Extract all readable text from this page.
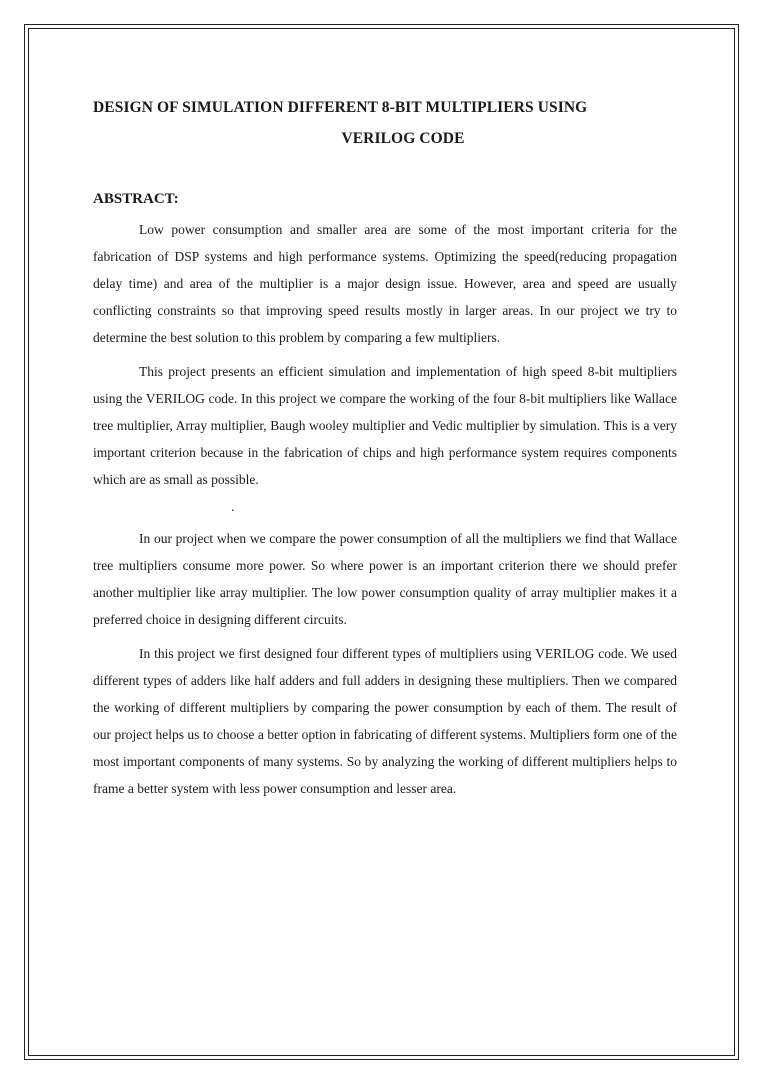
DESIGN OF SIMULATION DIFFERENT 8-BIT MULTIPLIERS USING
VERILOG CODE
ABSTRACT:

Low power consumption and smaller area are some of the most important criteria for the fabrication of DSP systems and high performance systems. Optimizing the speed(reducing propagation delay time) and area of the multiplier is a major design issue. However, area and speed are usually conflicting constraints so that improving speed results mostly in larger areas. In our project we try to determine the best solution to this problem by comparing a few multipliers.

This project presents an efficient simulation and implementation of high speed 8-bit multipliers using the VERILOG code. In this project we compare the working of the four 8-bit multipliers like Wallace tree multiplier, Array multiplier, Baugh wooley multiplier and Vedic multiplier by simulation. This is a very important criterion because in the fabrication of chips and high performance system requires components which are as small as possible.

.

In our project when we compare the power consumption of all the multipliers we find that Wallace tree multipliers consume more power. So where power is an important criterion there we should prefer another multiplier like array multiplier. The low power consumption quality of array multiplier makes it a preferred choice in designing different circuits.

In this project we first designed four different types of multipliers using VERILOG code. We used different types of adders like half adders and full adders in designing these multipliers. Then we compared the working of different multipliers by comparing the power consumption by each of them. The result of our project helps us to choose a better option in fabricating of different systems. Multipliers form one of the most important components of many systems. So by analyzing the working of different multipliers helps to frame a better system with less power consumption and lesser area.
